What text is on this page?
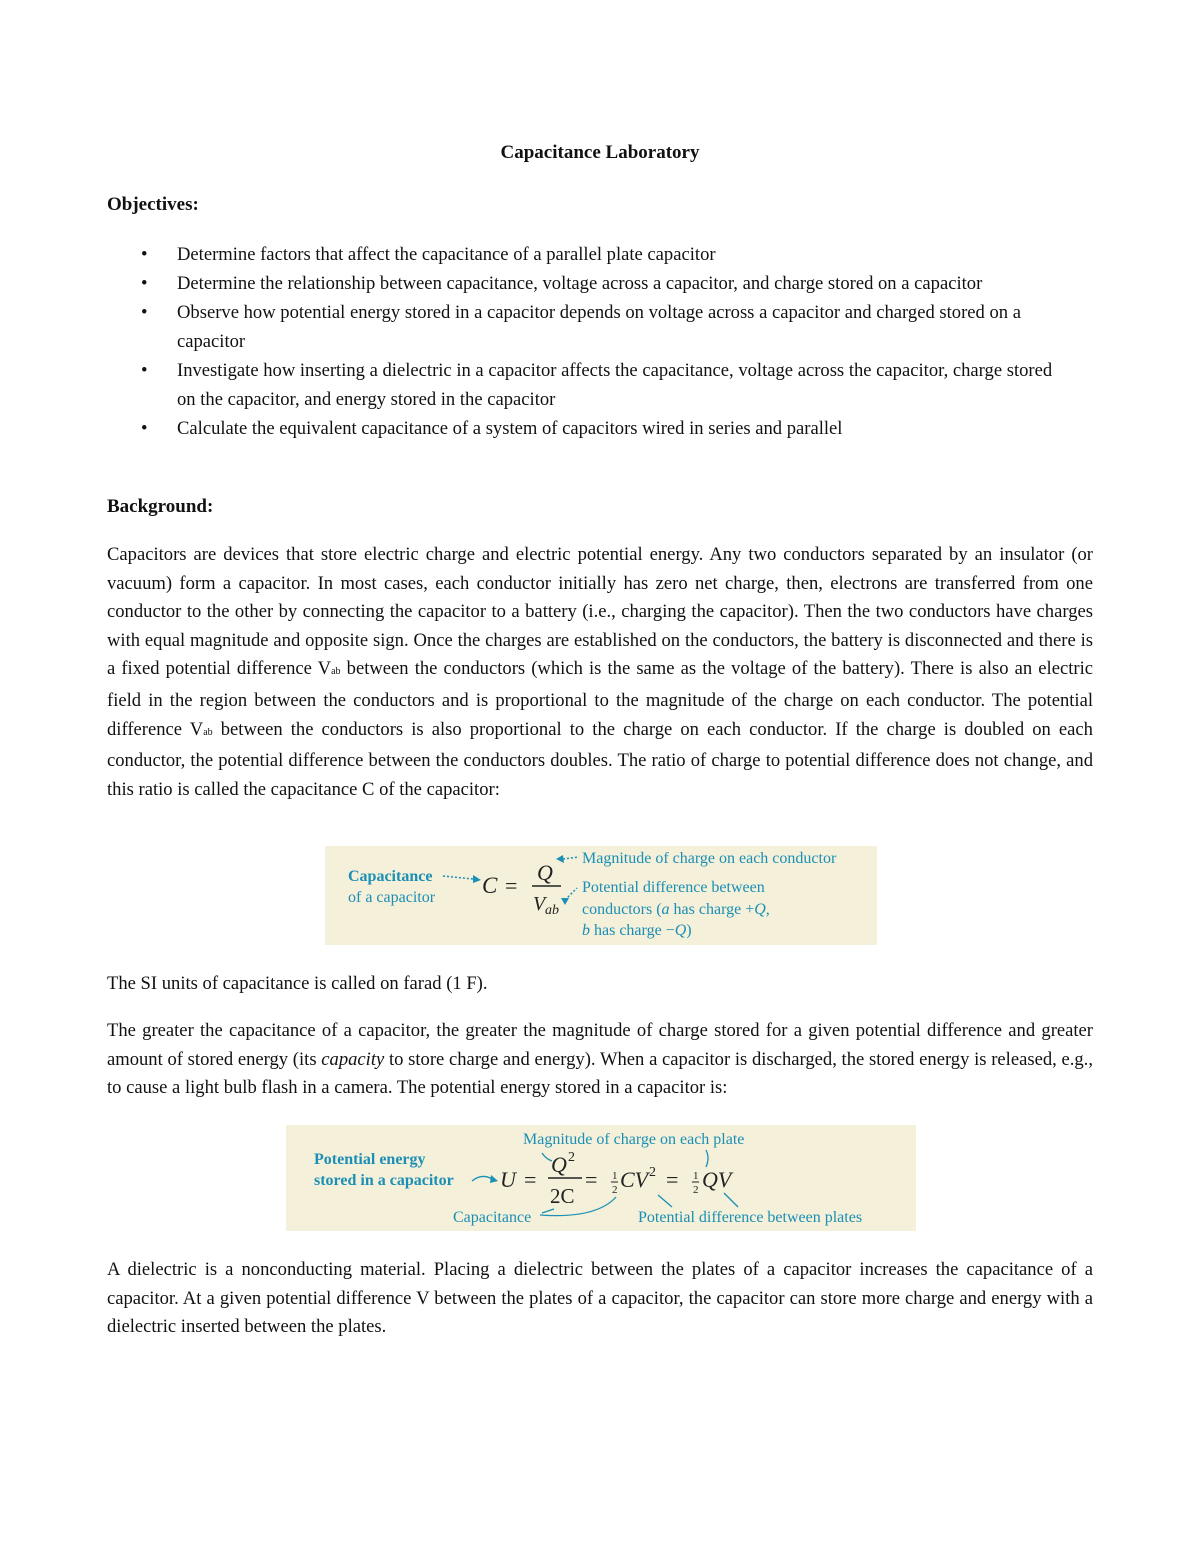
Capacitance Laboratory
Objectives:
• Determine factors that affect the capacitance of a parallel plate capacitor
• Determine the relationship between capacitance, voltage across a capacitor, and charge stored on a capacitor
• Observe how potential energy stored in a capacitor depends on voltage across a capacitor and charged stored on a capacitor
• Investigate how inserting a dielectric in a capacitor affects the capacitance, voltage across the capacitor, charge stored on the capacitor, and energy stored in the capacitor
• Calculate the equivalent capacitance of a system of capacitors wired in series and parallel
Background:

Capacitors are devices that store electric charge and electric potential energy. Any two conductors separated by an insulator (or vacuum) form a capacitor. In most cases, each conductor initially has zero net charge, then, electrons are transferred from one conductor to the other by connecting the capacitor to a battery (i.e., charging the capacitor). Then the two conductors have charges with equal magnitude and opposite sign. Once the charges are established on the conductors, the battery is disconnected and there is a fixed potential difference Vab between the conductors (which is the same as the voltage of the battery). There is also an electric field in the region between the conductors and is proportional to the magnitude of the charge on each conductor. The potential difference Vab between the conductors is also proportional to the charge on each conductor. If the charge is doubled on each conductor, the potential difference between the conductors doubles. The ratio of charge to potential difference does not change, and this ratio is called the capacitance C of the capacitor:

Capacitance
of a capacitor C =
Q
V ab
Magnitude of charge on each conductor
Potential difference between
conductors (a has charge +Q,
b has charge −Q)

The SI units of capacitance is called on farad (1 F).

The greater the capacitance of a capacitor, the greater the magnitude of charge stored for a given potential difference and greater amount of stored energy (its capacity to store charge and energy). When a capacitor is discharged, the stored energy is released, e.g., to cause a light bulb flash in a camera. The potential energy stored in a capacitor is:

Magnitude of charge on each plate
Potential energy
stored in a capacitor U =
Q 2
2C
= 1
2 CV 2 = 1
2 QV
Capacitance	Potential difference between plates

A dielectric is a nonconducting material. Placing a dielectric between the plates of a capacitor increases the capacitance of a capacitor. At a given potential difference V between the plates of a capacitor, the capacitor can store more charge and energy with a dielectric inserted between the plates.
